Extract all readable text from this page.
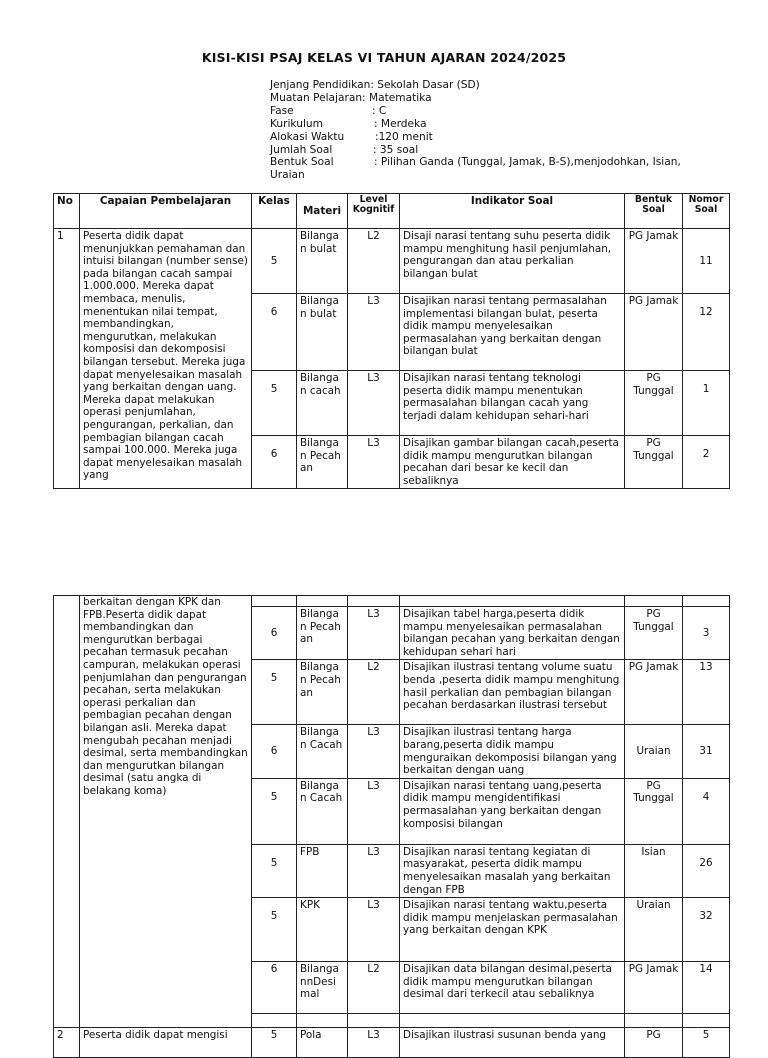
KISI-KISI PSAJ KELAS VI TAHUN AJARAN 2024/2025
Jenjang Pendidikan : Sekolah Dasar (SD)
Muatan Pelajaran : Matematika
Fase	: C
Kurikulum	: Merdeka
Alokasi Waktu	:120 menit
Jumlah Soal	: 35 soal
Bentuk Soal	: Pilihan Ganda (Tunggal, Jamak, B-S),menjodohkan, Isian,
Uraian
No	Capaian Pembelajaran	Kelas	Materi	Level Kognitif	Indikator Soal	Bentuk Soal	Nomor Soal
1	Peserta didik dapat menunjukkan pemahaman dan intuisi bilangan (number sense) pada bilangan cacah sampai 1.000.000. Mereka dapat membaca, menulis, menentukan nilai tempat, membandingkan, mengurutkan, melakukan komposisi dan dekomposisi bilangan tersebut. Mereka juga dapat menyelesaikan masalah yang berkaitan dengan uang. Mereka dapat melakukan operasi penjumlahan, pengurangan, perkalian, dan pembagian bilangan cacah sampai 100.000. Mereka juga dapat menyelesaikan masalah yang	5	Bilangan bulat	L2	Disaji narasi tentang suhu peserta didik mampu menghitung hasil penjumlahan, pengurangan dan atau perkalian bilangan bulat	PG Jamak	11
		6	Bilangan bulat	L3	Disajikan narasi tentang permasalahan implementasi bilangan bulat, peserta didik mampu menyelesaikan permasalahan yang berkaitan dengan bilangan bulat	PG Jamak	12
		5	Bilangan cacah	L3	Disajikan narasi tentang teknologi peserta didik mampu menentukan permasalahan bilangan cacah yang terjadi dalam kehidupan sehari-hari	PG Tunggal	1
		6	Bilangan Pecahan	L3	Disajikan gambar bilangan cacah,peserta didik mampu mengurutkan bilangan pecahan dari besar ke kecil dan sebaliknya	PG Tunggal	2
	berkaitan dengan KPK dan FPB.Peserta didik dapat membandingkan dan mengurutkan berbagai pecahan termasuk pecahan campuran, melakukan operasi penjumlahan dan pengurangan pecahan, serta melakukan operasi perkalian dan pembagian pecahan dengan bilangan asli. Mereka dapat mengubah pecahan menjadi desimal, serta membandingkan dan mengurutkan bilangan desimal (satu angka di belakang koma)						
		6	Bilangan Pecahan	L3	Disajikan tabel harga,peserta didik mampu menyelesaikan permasalahan bilangan pecahan yang berkaitan dengan kehidupan sehari hari	PG Tunggal	3
		5	Bilangan Pecahan	L2	Disajikan ilustrasi tentang volume suatu benda ,peserta didik mampu menghitung hasil perkalian dan pembagian bilangan pecahan berdasarkan ilustrasi tersebut	PG Jamak	13
		6	Bilangan Cacah	L3	Disajikan ilustrasi tentang harga barang,peserta didik mampu menguraikan dekomposisi bilangan yang berkaitan dengan uang	Uraian	31
		5	Bilangan Cacah	L3	Disajikan narasi tentang uang,peserta didik mampu mengidentifikasi permasalahan yang berkaitan dengan komposisi bilangan	PG Tunggal	4
		5	FPB	L3	Disajikan narasi tentang kegiatan di masyarakat, peserta didik mampu menyelesaikan masalah yang berkaitan dengan FPB	Isian	26
		5	KPK	L3	Disajikan narasi tentang waktu,peserta didik mampu menjelaskan permasalahan yang berkaitan dengan KPK	Uraian	32
		6	BilangannDesimal	L2	Disajikan data bilangan desimal,peserta didik mampu mengurutkan bilangan desimal dari terkecil atau sebaliknya	PG Jamak	14

2	Peserta didik dapat mengisi	5	Pola	L3	Disajikan ilustrasi susunan benda yang	PG	5
